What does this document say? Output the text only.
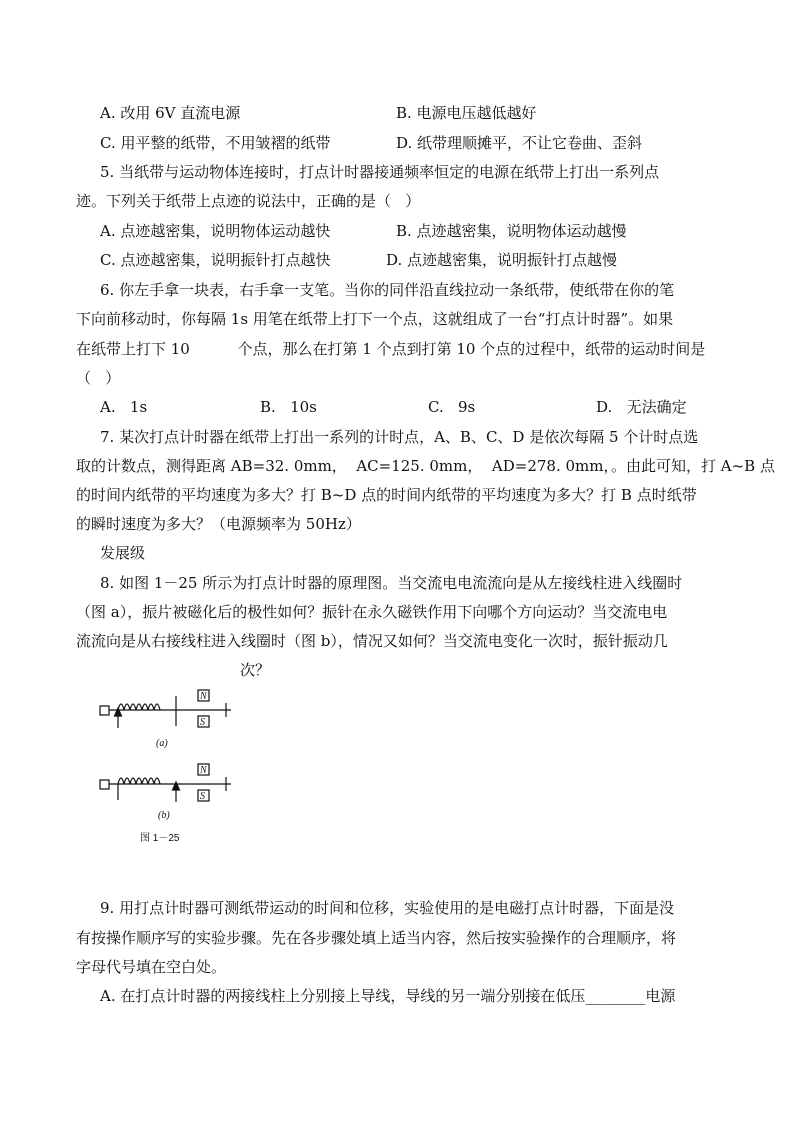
A. 改用 6V 直流电源	B. 电源电压越低越好
C. 用平整的纸带，不用皱褶的纸带	D. 纸带理顺摊平，不让它卷曲、歪斜
5. 当纸带与运动物体连接时，打点计时器接通频率恒定的电源在纸带上打出一系列点
迹。下列关于纸带上点迹的说法中，正确的是（   ）
A. 点迹越密集，说明物体运动越快	B. 点迹越密集，说明物体运动越慢
C. 点迹越密集，说明振针打点越快	D. 点迹越密集，说明振针打点越慢
6. 你左手拿一块表，右手拿一支笔。当你的同伴沿直线拉动一条纸带，使纸带在你的笔
下向前移动时，你每隔 1s 用笔在纸带上打下一个点，这就组成了一台“打点计时器”。如果
在纸带上打下 10          个点，那么在打第 1 个点到打第 10 个点的过程中，纸带的运动时间是
（   ）
A.   1s	B.   10s	C.   9s	D.   无法确定
7. 某次打点计时器在纸带上打出一系列的计时点，A、B、C、D 是依次每隔 5 个计时点选
取的计数点，测得距离 AB=32. 0mm，  AC=125. 0mm，  AD=278. 0mm，。由此可知，打 A~B 点
的时间内纸带的平均速度为多大？打 B~D 点的时间内纸带的平均速度为多大？打 B 点时纸带
的瞬时速度为多大？（电源频率为 50Hz）
发展级
8. 如图 1－25 所示为打点计时器的原理图。当交流电电流流向是从左接线柱进入线圈时
（图 a），振片被磁化后的极性如何？振针在永久磁铁作用下向哪个方向运动？当交流电电
流流向是从右接线柱进入线圈时（图 b），情况又如何？当交流电变化一次时，振针振动几
次？
N
S
(a)
N
S
(b)
图 1－25
9. 用打点计时器可测纸带运动的时间和位移，实验使用的是电磁打点计时器，下面是没
有按操作顺序写的实验步骤。先在各步骤处填上适当内容，然后按实验操作的合理顺序，将
字母代号填在空白处。
A. 在打点计时器的两接线柱上分别接上导线，导线的另一端分别接在低压________电源
